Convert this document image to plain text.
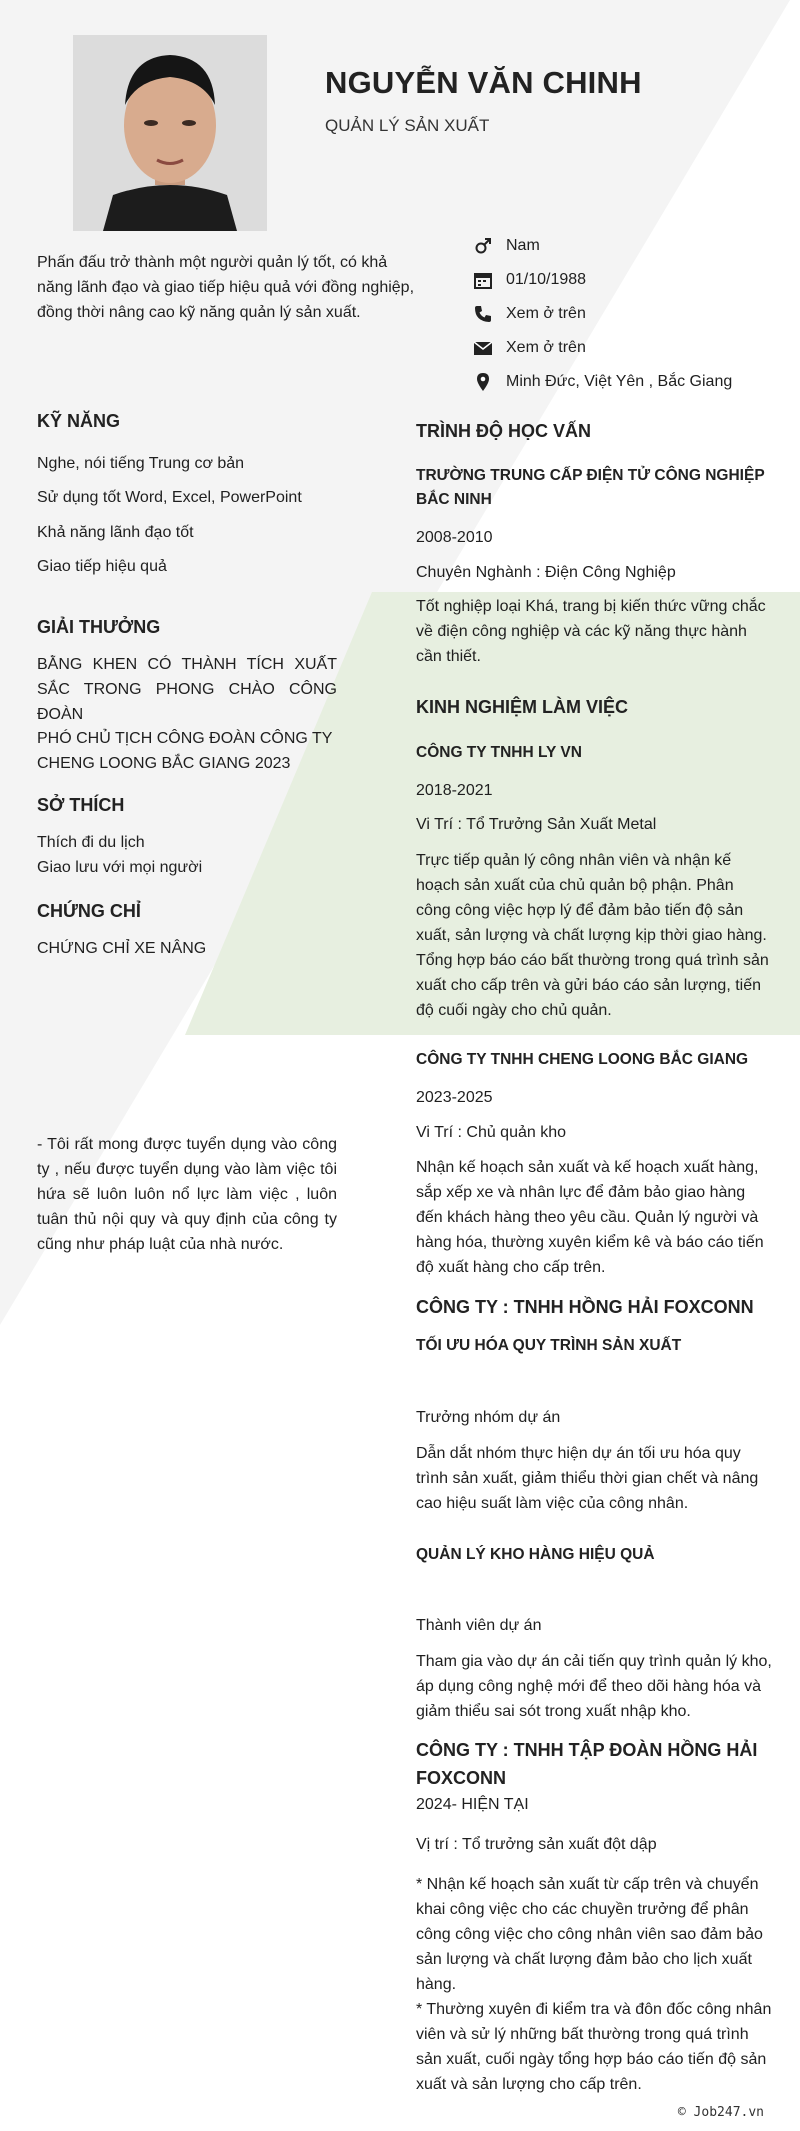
NGUYỄN VĂN CHINH
QUẢN LÝ SẢN XUẤT
Phấn đấu trở thành một người quản lý tốt, có khả năng lãnh đạo và giao tiếp hiệu quả với đồng nghiệp, đồng thời nâng cao kỹ năng quản lý sản xuất.
Nam
01/10/1988
Xem ở trên
Xem ở trên
Minh Đức, Việt Yên , Bắc Giang
KỸ NĂNG
Nghe, nói tiếng Trung cơ bản
Sử dụng tốt Word, Excel, PowerPoint
Khả năng lãnh đạo tốt
Giao tiếp hiệu quả
GIẢI THƯỞNG
BẰNG KHEN CÓ THÀNH TÍCH XUẤT SẮC TRONG PHONG CHÀO CÔNG ĐOÀN
PHÓ CHỦ TỊCH CÔNG ĐOÀN CÔNG TY CHENG LOONG BẮC GIANG 2023
SỞ THÍCH
Thích đi du lịch
Giao lưu với mọi người
CHỨNG CHỈ
CHỨNG CHỈ XE NÂNG
- Tôi rất mong được tuyển dụng vào công ty , nếu được tuyển dụng vào làm việc tôi hứa sẽ luôn luôn nổ lực làm việc , luôn tuân thủ nội quy và quy định của công ty cũng như pháp luật của nhà nước.
TRÌNH ĐỘ HỌC VẤN
TRƯỜNG TRUNG CẤP ĐIỆN TỬ CÔNG NGHIỆP BẮC NINH
2008-2010
Chuyên Nghành : Điện Công Nghiệp
Tốt nghiệp loại Khá, trang bị kiến thức vững chắc về điện công nghiệp và các kỹ năng thực hành cần thiết.
KINH NGHIỆM LÀM VIỆC
CÔNG TY TNHH LY VN
2018-2021
Vi Trí : Tổ Trưởng Sản Xuất Metal
Trực tiếp quản lý công nhân viên và nhận kế hoạch sản xuất của chủ quản bộ phận. Phân công công việc hợp lý để đảm bảo tiến độ sản xuất, sản lượng và chất lượng kịp thời giao hàng. Tổng hợp báo cáo bất thường trong quá trình sản xuất cho cấp trên và gửi báo cáo sản lượng, tiến độ cuối ngày cho chủ quản.
CÔNG TY TNHH CHENG LOONG BẮC GIANG
2023-2025
Vi Trí : Chủ quản kho
Nhận kế hoạch sản xuất và kế hoạch xuất hàng, sắp xếp xe và nhân lực để đảm bảo giao hàng đến khách hàng theo yêu cầu. Quản lý người và hàng hóa, thường xuyên kiểm kê và báo cáo tiến độ xuất hàng cho cấp trên.
CÔNG TY : TNHH HỒNG HẢI FOXCONN
TỐI ƯU HÓA QUY TRÌNH SẢN XUẤT
Trưởng nhóm dự án
Dẫn dắt nhóm thực hiện dự án tối ưu hóa quy trình sản xuất, giảm thiểu thời gian chết và nâng cao hiệu suất làm việc của công nhân.
QUẢN LÝ KHO HÀNG HIỆU QUẢ
Thành viên dự án
Tham gia vào dự án cải tiến quy trình quản lý kho, áp dụng công nghệ mới để theo dõi hàng hóa và giảm thiểu sai sót trong xuất nhập kho.
CÔNG TY : TNHH TẬP ĐOÀN HỒNG HẢI FOXCONN
2024- HIỆN TẠI
Vị trí : Tổ trưởng sản xuất đột dập
* Nhận kế hoạch sản xuất từ cấp trên và chuyển khai công việc cho các chuyền trưởng để phân công công việc cho công nhân viên sao đảm bảo sản lượng và chất lượng đảm bảo cho lịch xuất hàng.
* Thường xuyên đi kiểm tra và đôn đốc công nhân viên và sử lý những bất thường trong quá trình sản xuất, cuối ngày tổng hợp báo cáo tiến độ sản xuất và sản lượng cho cấp trên.
© Job247.vn
